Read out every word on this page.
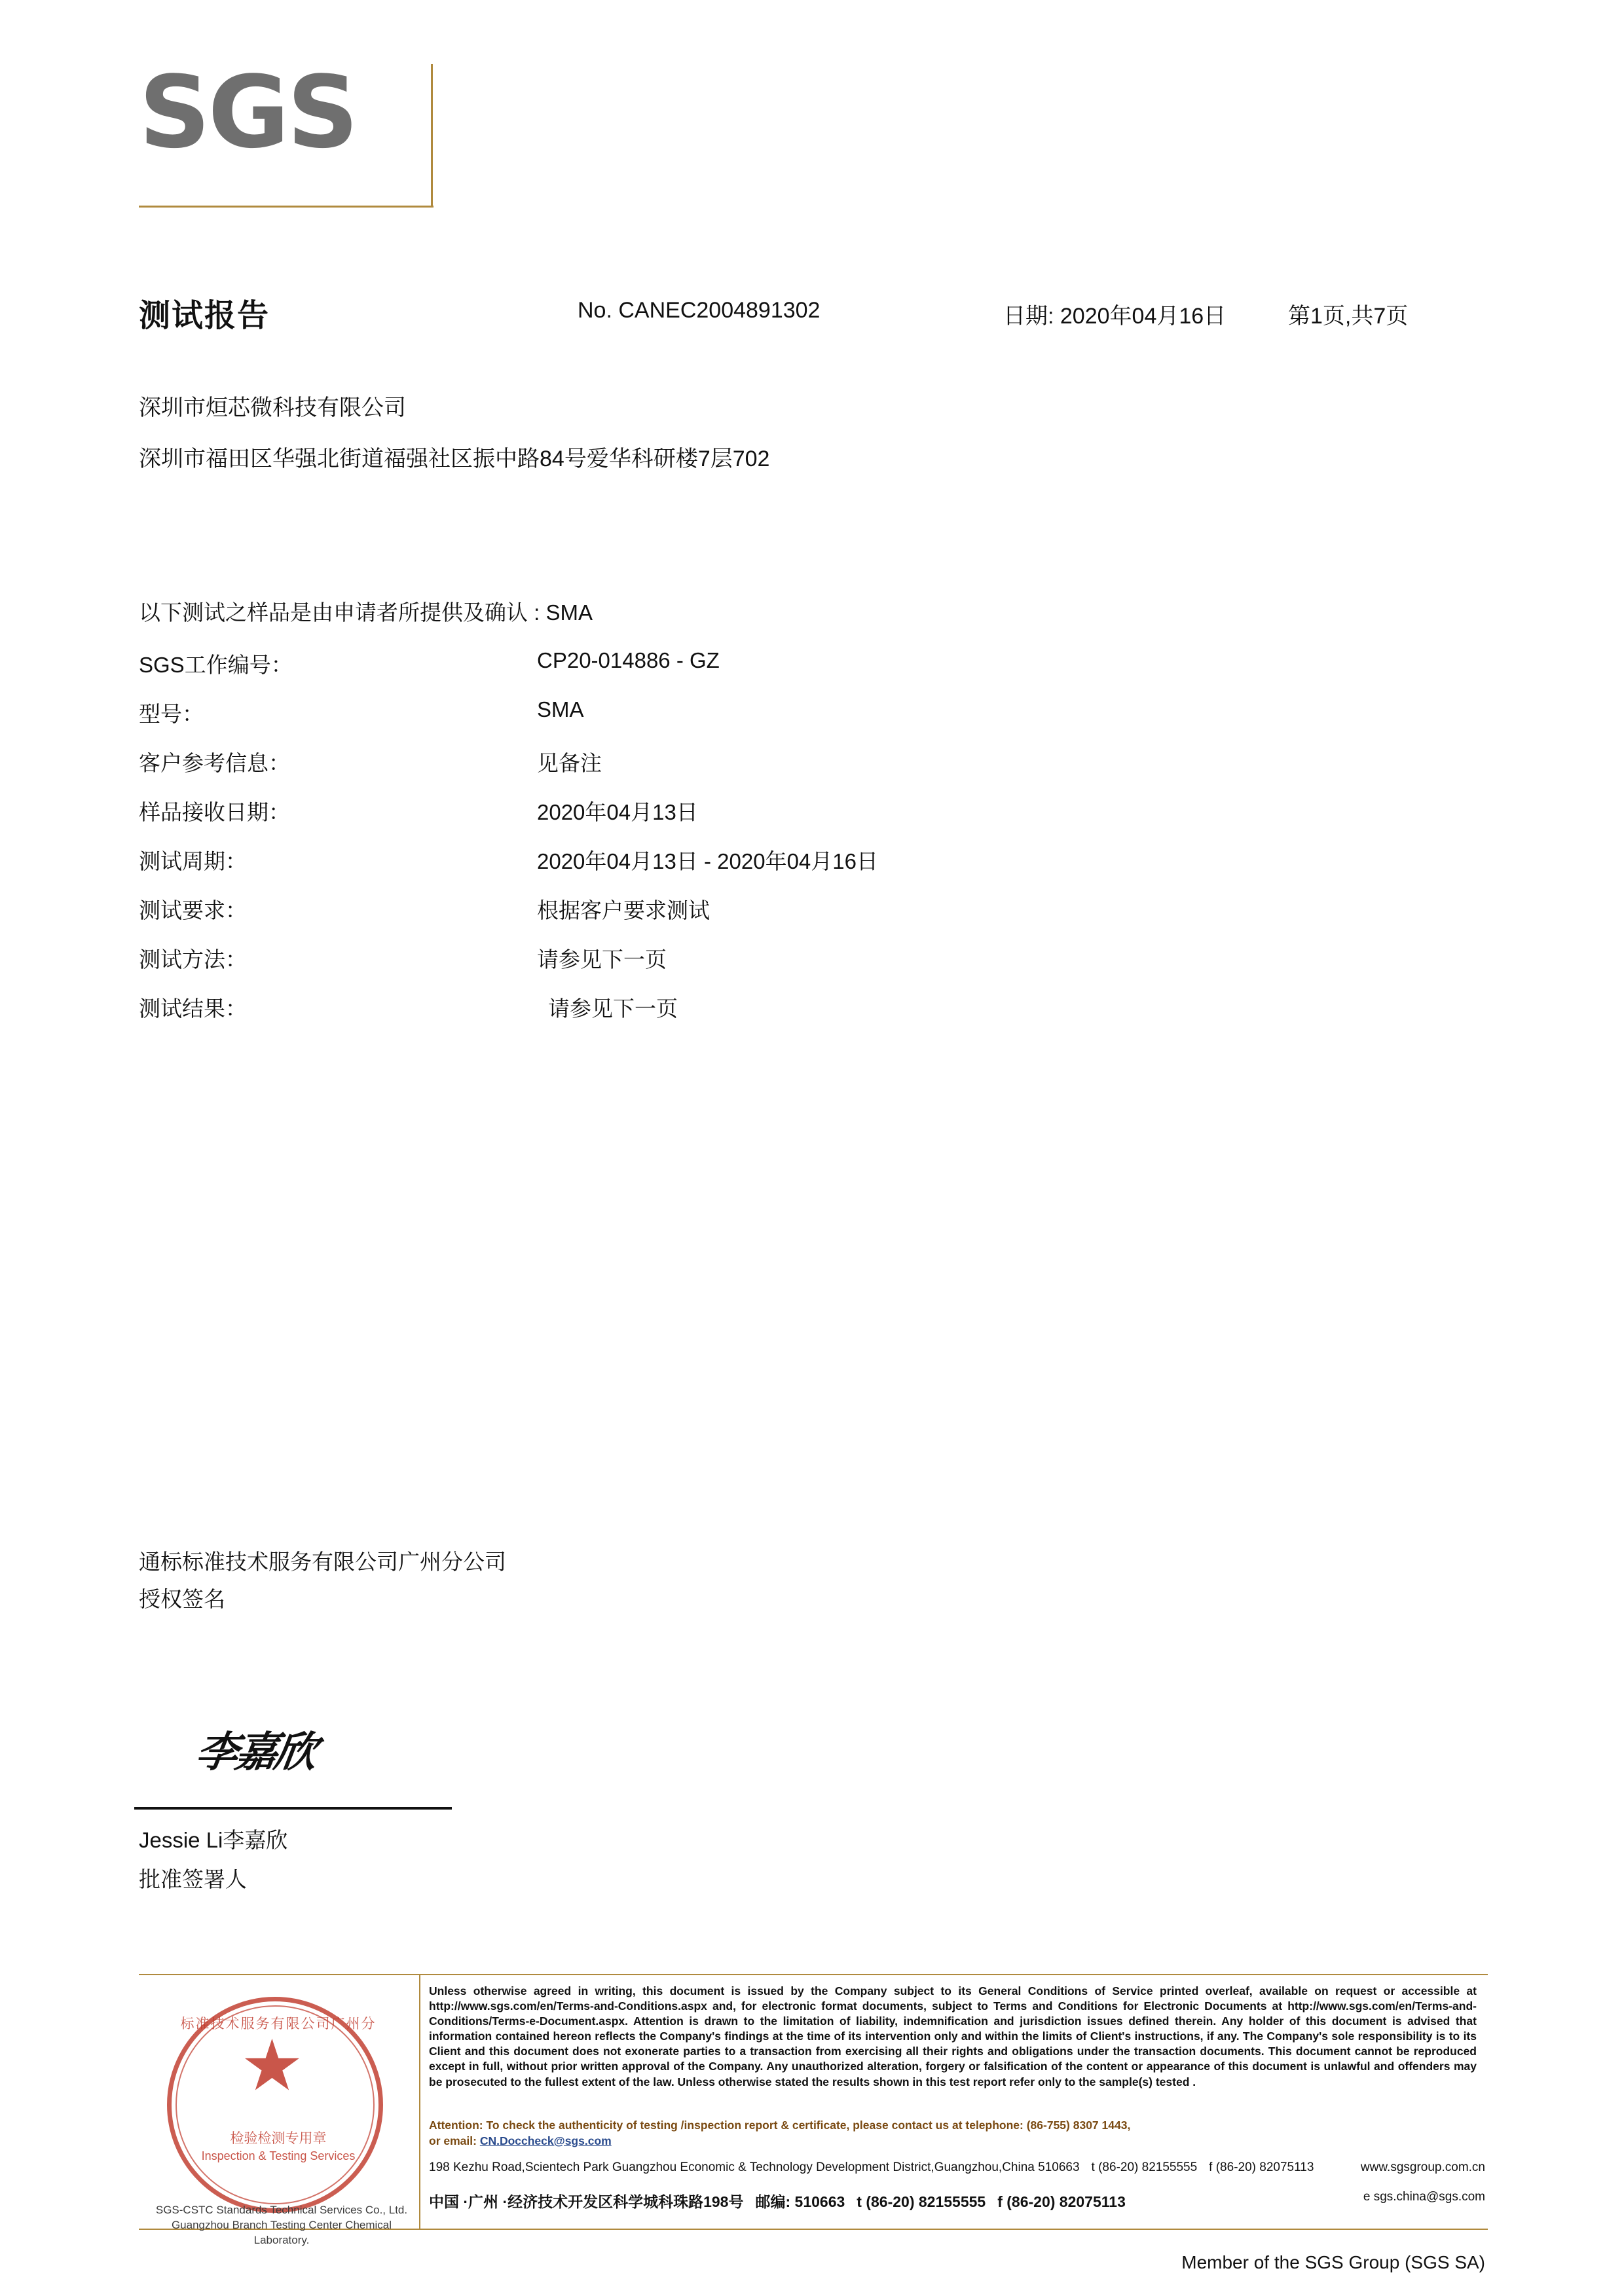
SGS
测试报告	No. CANEC2004891302	日期: 2020年04月16日	第1页,共7页
深圳市烜芯微科技有限公司
深圳市福田区华强北街道福强社区振中路84号爱华科研楼7层702
以下测试之样品是由申请者所提供及确认 : SMA
SGS工作编号：	CP20-014886 - GZ
型号：	SMA
客户参考信息：	见备注
样品接收日期：	2020年04月13日
测试周期：	2020年04月13日 - 2020年04月16日
测试要求：	根据客户要求测试
测试方法：	请参见下一页
测试结果：	请参见下一页
通标标准技术服务有限公司广州分公司
授权签名
李嘉欣
Jessie Li李嘉欣
批准签署人
标准技术服务有限公司广州分
★
检验检测专用章
Inspection & Testing Services
SGS-CSTC Standards Technical Services Co., Ltd.
Guangzhou Branch Testing Center Chemical Laboratory.
Unless otherwise agreed in writing, this document is issued by the Company subject to its General Conditions of Service printed overleaf, available on request or accessible at http://www.sgs.com/en/Terms-and-Conditions.aspx and, for electronic format documents, subject to Terms and Conditions for Electronic Documents at http://www.sgs.com/en/Terms-and-Conditions/Terms-e-Document.aspx. Attention is drawn to the limitation of liability, indemnification and jurisdiction issues defined therein. Any holder of this document is advised that information contained hereon reflects the Company's findings at the time of its intervention only and within the limits of Client's instructions, if any. The Company's sole responsibility is to its Client and this document does not exonerate parties to a transaction from exercising all their rights and obligations under the transaction documents. This document cannot be reproduced except in full, without prior written approval of the Company. Any unauthorized alteration, forgery or falsification of the content or appearance of this document is unlawful and offenders may be prosecuted to the fullest extent of the law. Unless otherwise stated the results shown in this test report refer only to the sample(s) tested .
Attention: To check the authenticity of testing /inspection report & certificate, please contact us at telephone: (86-755) 8307 1443,
or email: CN.Doccheck@sgs.com
198 Kezhu Road,Scientech Park Guangzhou Economic & Technology Development District,Guangzhou,China 510663 t (86-20) 82155555 f (86-20) 82075113
中国 ·广州 ·经济技术开发区科学城科珠路198号 邮编: 510663 t (86-20) 82155555 f (86-20) 82075113
www.sgsgroup.com.cn
e sgs.china@sgs.com
Member of the SGS Group (SGS SA)
